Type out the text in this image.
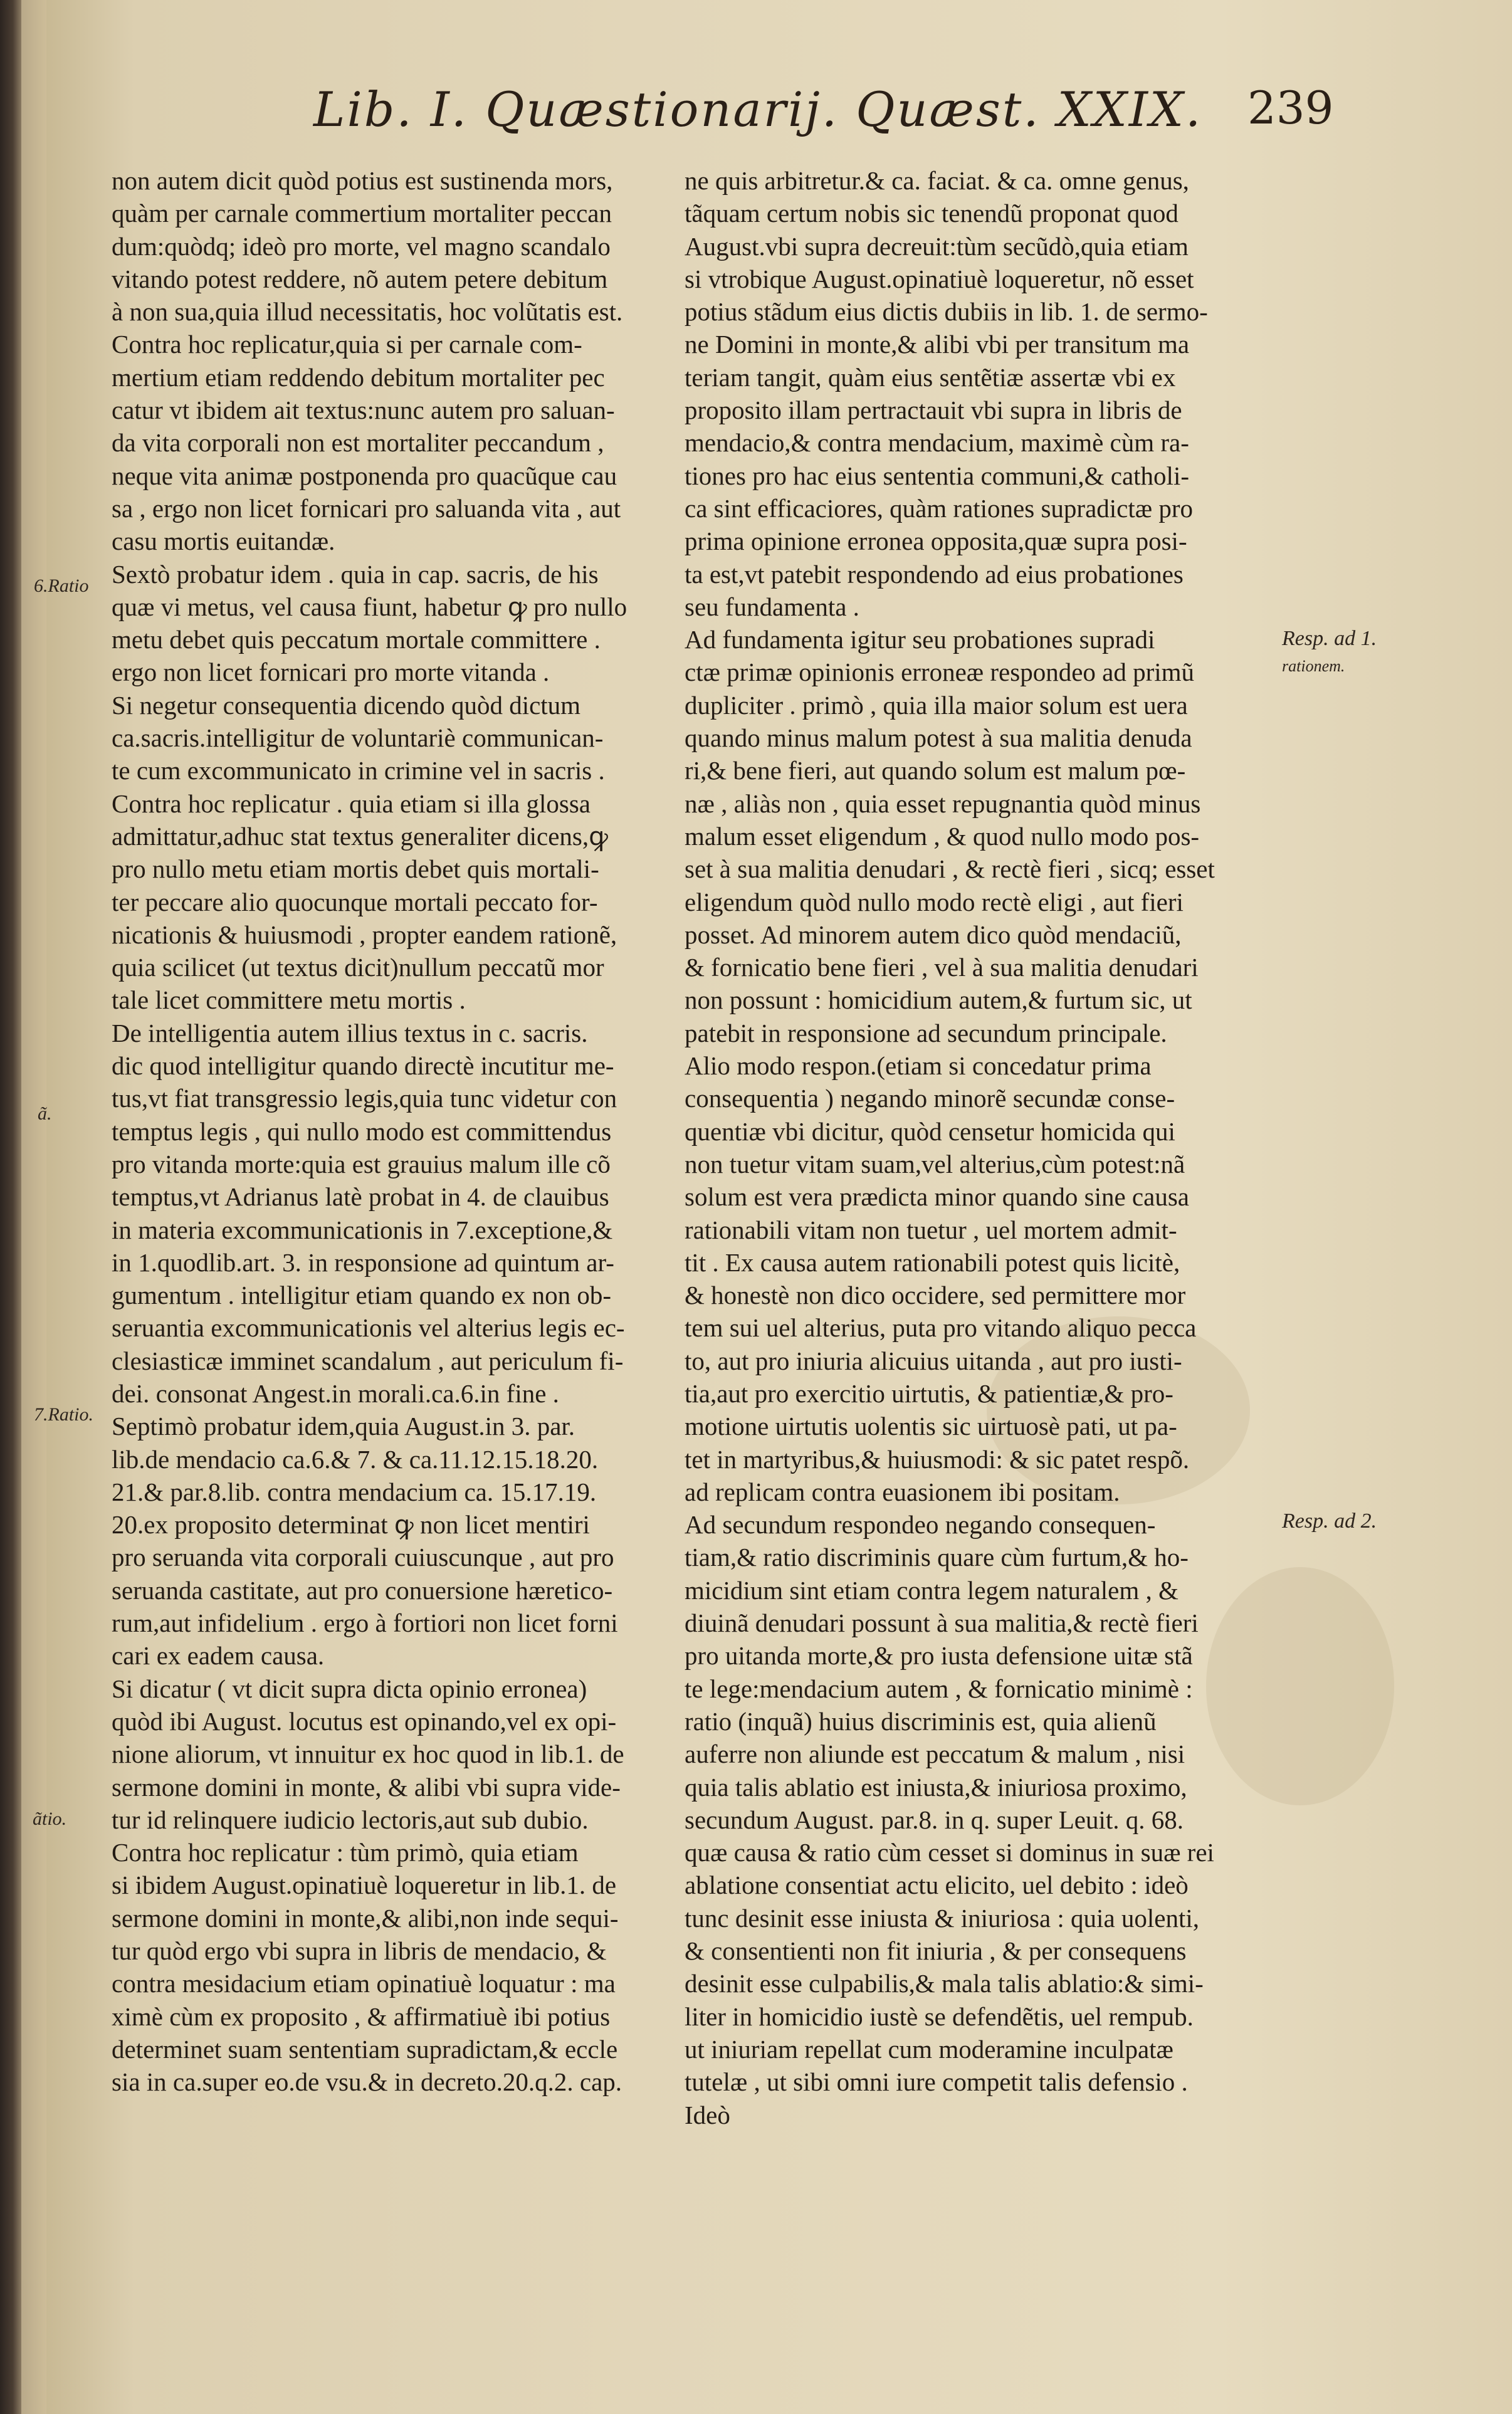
Lib. I. Quæstionarij. Quæst. XXIX. 239
non autem dicit quòd potius est sustinenda mors,
quàm per carnale commertium mortaliter peccan
dum:quòdq; ideò pro morte, vel magno scandalo
vitando potest reddere, nõ autem petere debitum
à non sua,quia illud necessitatis, hoc volũtatis est.
Contra hoc replicatur,quia si per carnale com-
mertium etiam reddendo debitum mortaliter pec
catur vt ibidem ait textus:nunc autem pro saluan-
da vita corporali non est mortaliter peccandum ,
neque vita animæ postponenda pro quacũque cau
sa , ergo non licet fornicari pro saluanda vita , aut
casu mortis euitandæ.
Sextò probatur idem . quia in cap. sacris, de his
quæ vi metus, vel causa fiunt, habetur ꝙ pro nullo
metu debet quis peccatum mortale committere .
ergo non licet fornicari pro morte vitanda .
Si negetur consequentia dicendo quòd dictum
ca.sacris.intelligitur de voluntariè communican-
te cum excommunicato in crimine vel in sacris .
Contra hoc replicatur . quia etiam si illa glossa
admittatur,adhuc stat textus generaliter dicens,ꝙ
pro nullo metu etiam mortis debet quis mortali-
ter peccare alio quocunque mortali peccato for-
nicationis & huiusmodi , propter eandem rationẽ,
quia scilicet (ut textus dicit)nullum peccatũ mor
tale licet committere metu mortis .
De intelligentia autem illius textus in c. sacris.
dic quod intelligitur quando directè incutitur me-
tus,vt fiat transgressio legis,quia tunc videtur con
temptus legis , qui nullo modo est committendus
pro vitanda morte:quia est grauius malum ille cõ
temptus,vt Adrianus latè probat in 4. de clauibus
in materia excommunicationis in 7.exceptione,&
in 1.quodlib.art. 3. in responsione ad quintum ar-
gumentum . intelligitur etiam quando ex non ob-
seruantia excommunicationis vel alterius legis ec-
clesiasticæ imminet scandalum , aut periculum fi-
dei. consonat Angest.in morali.ca.6.in fine .
Septimò probatur idem,quia August.in 3. par.
lib.de mendacio ca.6.& 7. & ca.11.12.15.18.20.
21.& par.8.lib. contra mendacium ca. 15.17.19.
20.ex proposito determinat ꝙ non licet mentiri
pro seruanda vita corporali cuiuscunque , aut pro
seruanda castitate, aut pro conuersione hæretico-
rum,aut infidelium . ergo à fortiori non licet forni
cari ex eadem causa.
Si dicatur ( vt dicit supra dicta opinio erronea)
quòd ibi August. locutus est opinando,vel ex opi-
nione aliorum, vt innuitur ex hoc quod in lib.1. de
sermone domini in monte, & alibi vbi supra vide-
tur id relinquere iudicio lectoris,aut sub dubio.
Contra hoc replicatur : tùm primò, quia etiam
si ibidem August.opinatiuè loqueretur in lib.1. de
sermone domini in monte,& alibi,non inde sequi-
tur quòd ergo vbi supra in libris de mendacio, &
contra mesidacium etiam opinatiuè loquatur : ma
ximè cùm ex proposito , & affirmatiuè ibi potius
determinet suam sententiam supradictam,& eccle
sia in ca.super eo.de vsu.& in decreto.20.q.2. cap.
ne quis arbitretur.& ca. faciat. & ca. omne genus,
tãquam certum nobis sic tenendũ proponat quod
August.vbi supra decreuit:tùm secũdò,quia etiam
si vtrobique August.opinatiuè loqueretur, nõ esset
potius stãdum eius dictis dubiis in lib. 1. de sermo-
ne Domini in monte,& alibi vbi per transitum ma
teriam tangit, quàm eius sentẽtiæ assertæ vbi ex
proposito illam pertractauit vbi supra in libris de
mendacio,& contra mendacium, maximè cùm ra-
tiones pro hac eius sententia communi,& catholi-
ca sint efficaciores, quàm rationes supradictæ pro
prima opinione erronea opposita,quæ supra posi-
ta est,vt patebit respondendo ad eius probationes
seu fundamenta .
Ad fundamenta igitur seu probationes supradi
ctæ primæ opinionis erroneæ respondeo ad primũ
dupliciter . primò , quia illa maior solum est uera
quando minus malum potest à sua malitia denuda
ri,& bene fieri, aut quando solum est malum pœ-
næ , aliàs non , quia esset repugnantia quòd minus
malum esset eligendum , & quod nullo modo pos-
set à sua malitia denudari , & rectè fieri , sicq; esset
eligendum quòd nullo modo rectè eligi , aut fieri
posset. Ad minorem autem dico quòd mendaciũ,
& fornicatio bene fieri , vel à sua malitia denudari
non possunt : homicidium autem,& furtum sic, ut
patebit in responsione ad secundum principale.
Alio modo respon.(etiam si concedatur prima
consequentia ) negando minorẽ secundæ conse-
quentiæ vbi dicitur, quòd censetur homicida qui
non tuetur vitam suam,vel alterius,cùm potest:nã
solum est vera prædicta minor quando sine causa
rationabili vitam non tuetur , uel mortem admit-
tit . Ex causa autem rationabili potest quis licitè,
& honestè non dico occidere, sed permittere mor
tem sui uel alterius, puta pro vitando aliquo pecca
to, aut pro iniuria alicuius uitanda , aut pro iusti-
tia,aut pro exercitio uirtutis, & patientiæ,& pro-
motione uirtutis uolentis sic uirtuosè pati, ut pa-
tet in martyribus,& huiusmodi: & sic patet respõ.
ad replicam contra euasionem ibi positam.
Ad secundum respondeo negando consequen-
tiam,& ratio discriminis quare cùm furtum,& ho-
micidium sint etiam contra legem naturalem , &
diuinã denudari possunt à sua malitia,& rectè fieri
pro uitanda morte,& pro iusta defensione uitæ stã
te lege:mendacium autem , & fornicatio minimè :
ratio (inquã) huius discriminis est, quia alienũ
auferre non aliunde est peccatum & malum , nisi
quia talis ablatio est iniusta,& iniuriosa proximo,
secundum August. par.8. in q. super Leuit. q. 68.
quæ causa & ratio cùm cesset si dominus in suæ rei
ablatione consentiat actu elicito, uel debito : ideò
tunc desinit esse iniusta & iniuriosa : quia uolenti,
& consentienti non fit iniuria , & per consequens
desinit esse culpabilis,& mala talis ablatio:& simi-
liter in homicidio iustè se defendẽtis, uel rempub.
ut iniuriam repellat cum moderamine inculpatæ
tutelæ , ut sibi omni iure competit talis defensio .
Ideò
6.Ratio
ã.
7.Ratio.
ãtio.
Resp. ad 1.
rationem.
Resp. ad 2.
